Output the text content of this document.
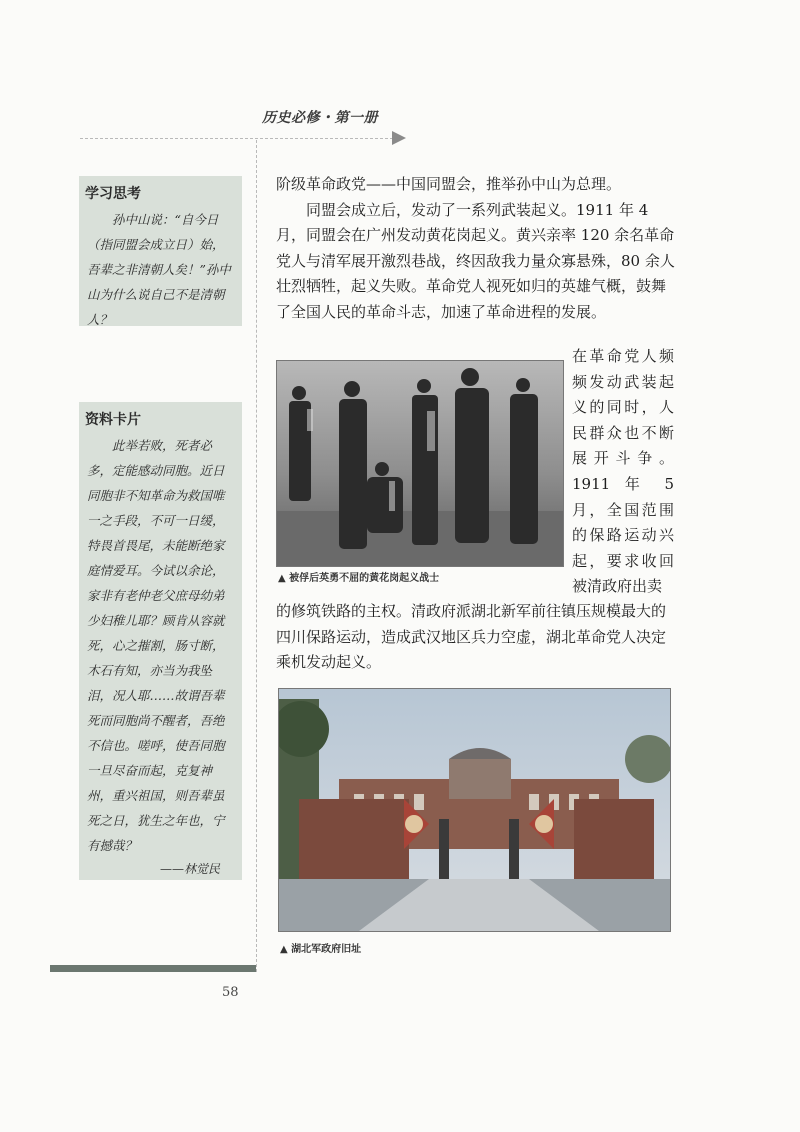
历史必修・第一册
学习思考
孙中山说：“自今日（指同盟会成立日）始，吾辈之非清朝人矣！”孙中山为什么说自己不是清朝人？
资料卡片
此举若败，死者必多，定能感动同胞。近日同胞非不知革命为救国唯一之手段，不可一日缓，特畏首畏尾，未能断绝家庭情爱耳。今试以余论，家非有老仲老父庶母幼弟少妇稚儿耶？顾肯从容就死，心之摧割，肠寸断，木石有知，亦当为我坠泪，况人耶……故谓吾辈死而同胞尚不醒者，吾绝不信也。嗟呼，使吾同胞一旦尽奋而起，克复神州，重兴祖国，则吾辈虽死之日，犹生之年也，宁有撼哉？
——林觉民

阶级革命政党——中国同盟会，推举孙中山为总理。

同盟会成立后，发动了一系列武装起义。1911 年 4 月，同盟会在广州发动黄花岗起义。黄兴亲率 120 余名革命党人与清军展开激烈巷战，终因敌我力量众寡悬殊，80 余人壮烈牺牲，起义失败。革命党人视死如归的英雄气概，鼓舞了全国人民的革命斗志，加速了革命进程的发展。

▲ 被俘后英勇不屈的黄花岗起义战士
在革命党人频频发动武装起义的同时，人民群众也不断展开斗争。1911 年 5 月，全国范围的保路运动兴起，要求收回被清政府出卖

的修筑铁路的主权。清政府派湖北新军前往镇压规模最大的四川保路运动，造成武汉地区兵力空虚，湖北革命党人决定乘机发动起义。

▲ 湖北军政府旧址
58
